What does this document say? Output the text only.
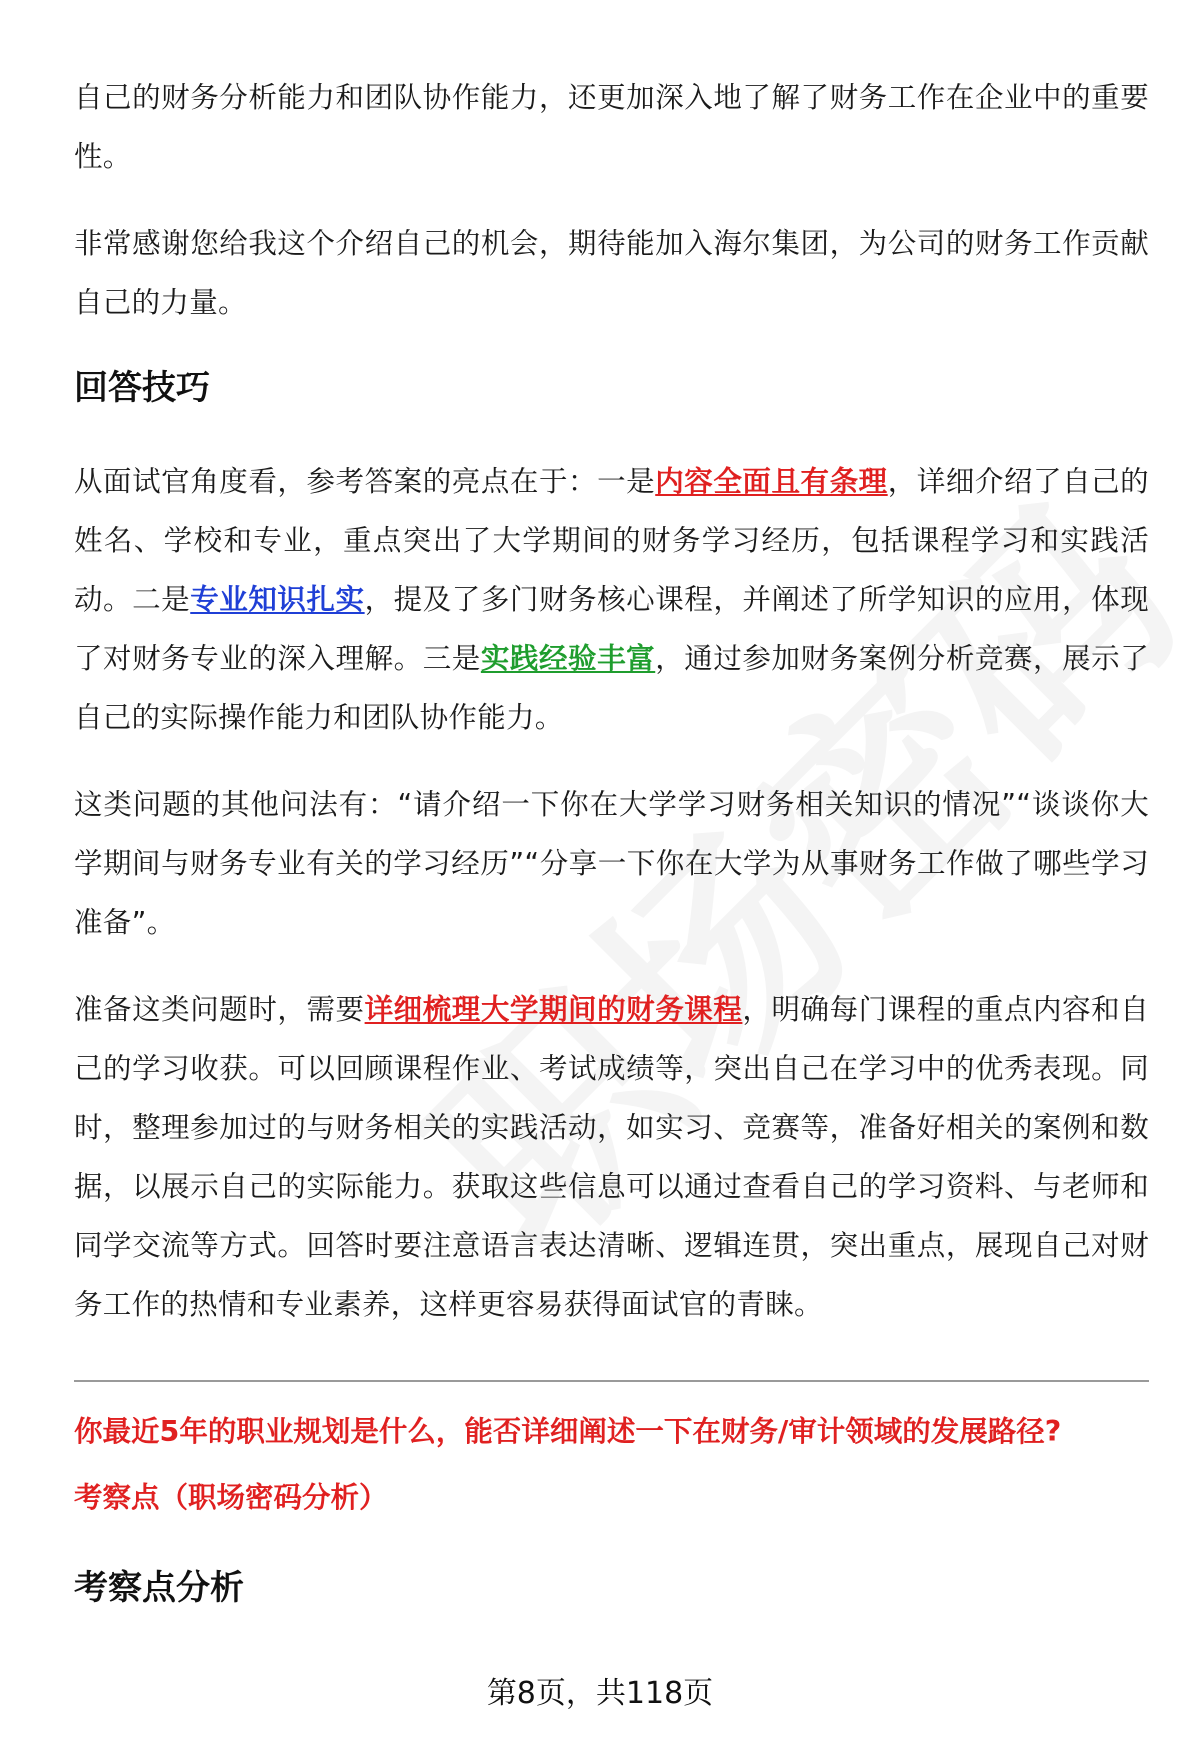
自己的财务分析能力和团队协作能力，还更加深入地了解了财务工作在企业中的重要性。

非常感谢您给我这个介绍自己的机会，期待能加入海尔集团，为公司的财务工作贡献自己的力量。

回答技巧

从面试官角度看，参考答案的亮点在于：一是内容全面且有条理，详细介绍了自己的姓名、学校和专业，重点突出了大学期间的财务学习经历，包括课程学习和实践活动。二是专业知识扎实，提及了多门财务核心课程，并阐述了所学知识的应用，体现了对财务专业的深入理解。三是实践经验丰富，通过参加财务案例分析竞赛，展示了自己的实际操作能力和团队协作能力。

这类问题的其他问法有：“请介绍一下你在大学学习财务相关知识的情况”“谈谈你大学期间与财务专业有关的学习经历”“分享一下你在大学为从事财务工作做了哪些学习准备”。

准备这类问题时，需要详细梳理大学期间的财务课程，明确每门课程的重点内容和自己的学习收获。可以回顾课程作业、考试成绩等，突出自己在学习中的优秀表现。同时，整理参加过的与财务相关的实践活动，如实习、竞赛等，准备好相关的案例和数据，以展示自己的实际能力。获取这些信息可以通过查看自己的学习资料、与老师和同学交流等方式。回答时要注意语言表达清晰、逻辑连贯，突出重点，展现自己对财务工作的热情和专业素养，这样更容易获得面试官的青睐。

你最近5年的职业规划是什么，能否详细阐述一下在财务/审计领域的发展路径?
考察点（职场密码分析）
考察点分析
第8页，共118页
